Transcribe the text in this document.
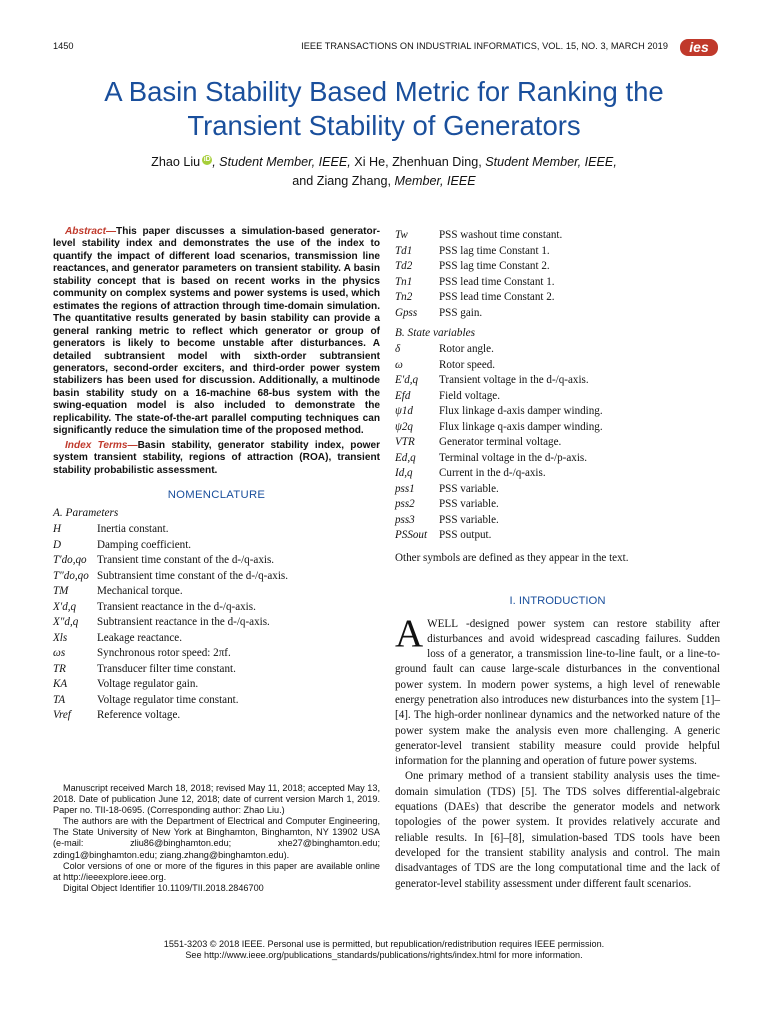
1450	IEEE TRANSACTIONS ON INDUSTRIAL INFORMATICS, VOL. 15, NO. 3, MARCH 2019 ies
A Basin Stability Based Metric for Ranking the
Transient Stability of Generators
Zhao Liu iD , Student Member, IEEE, Xi He, Zhenhuan Ding, Student Member, IEEE,
and Ziang Zhang, Member, IEEE

Abstract—This paper discusses a simulation-based generator-level stability index and demonstrates the use of the index to quantify the impact of different load scenarios, transmission line reactances, and generator parameters on transient stability. A basin stability concept that is based on recent works in the physics community on complex systems and power systems is used, which estimates the regions of attraction through time-domain simulation. The quantitative results generated by basin stability can provide a general ranking metric to reflect which generator or group of generators is likely to become unstable after disturbances. A detailed subtransient model with sixth-order subtransient generators, second-order exciters, and third-order power system stabilizers has been used for discussion. Additionally, a multinode basin stability study on a 16-machine 68-bus system with the swing-equation model is also included to demonstrate the replicability. The state-of-the-art parallel computing techniques can significantly reduce the simulation time of the proposed method.

Index Terms—Basin stability, generator stability index, power system transient stability, regions of attraction (ROA), transient stability probabilistic assessment.

NOMENCLATURE
A. Parameters
H	Inertia constant.
D	Damping coefficient.
T′do,qo Transient time constant of the d-/q-axis.
T″do,qo Subtransient time constant of the d-/q-axis.
TM	Mechanical torque.
X′d,q	Transient reactance in the d-/q-axis.
X″d,q	Subtransient reactance in the d-/q-axis.
Xls	Leakage reactance.
ωs	Synchronous rotor speed: 2πf.
TR	Transducer filter time constant.
KA	Voltage regulator gain.
TA	Voltage regulator time constant.
Vref	Reference voltage.

Manuscript received March 18, 2018; revised May 11, 2018; accepted May 13, 2018. Date of publication June 12, 2018; date of current version March 1, 2019. Paper no. TII-18-0695. (Corresponding author: Zhao Liu.)

The authors are with the Department of Electrical and Computer Engineering, The State University of New York at Binghamton, Binghamton, NY 13902 USA (e-mail: zliu86@binghamton.edu; xhe27@binghamton.edu; zding1@binghamton.edu; ziang.zhang@binghamton.edu).

Color versions of one or more of the figures in this paper are available online at http://ieeexplore.ieee.org.

Digital Object Identifier 10.1109/TII.2018.2846700

Tw	PSS washout time constant.
Td1	PSS lag time Constant 1.
Td2	PSS lag time Constant 2.
Tn1	PSS lead time Constant 1.
Tn2	PSS lead time Constant 2.
Gpss	PSS gain.
B. State variables
δ	Rotor angle.
ω	Rotor speed.
E′d,q	Transient voltage in the d-/q-axis.
Efd	Field voltage.
ψ1d	Flux linkage d-axis damper winding.
ψ2q	Flux linkage q-axis damper winding.
VTR	Generator terminal voltage.
Ed,q	Terminal voltage in the d-/p-axis.
Id,q	Current in the d-/q-axis.
pss1	PSS variable.
pss2	PSS variable.
pss3	PSS variable.
PSSout	PSS output.
Other symbols are defined as they appear in the text.
I. INTRODUCTION

AWELL -designed power system can restore stability after disturbances and avoid widespread cascading failures. Sudden loss of a generator, a transmission line-to-line fault, or a line-to-ground fault can cause large-scale disturbances in the conventional power system. In modern power systems, a high level of renewable energy penetration also introduces new disturbances into the system [1]–[4]. The high-order nonlinear dynamics and the networked nature of the power system make the analysis even more challenging. A generic generator-level transient stability measure could provide helpful information for the planning and operation of future power systems.

One primary method of a transient stability analysis uses the time-domain simulation (TDS) [5]. The TDS solves differential-algebraic equations (DAEs) that describe the generator models and network topologies of the power system. It provides relatively accurate and reliable results. In [6]–[8], simulation-based TDS tools have been developed for the transient stability analysis and control. The main disadvantages of TDS are the long computational time and the lack of generator-level stability assessment under different fault scenarios.

1551-3203 © 2018 IEEE. Personal use is permitted, but republication/redistribution requires IEEE permission.
See http://www.ieee.org/publications_standards/publications/rights/index.html for more information.
